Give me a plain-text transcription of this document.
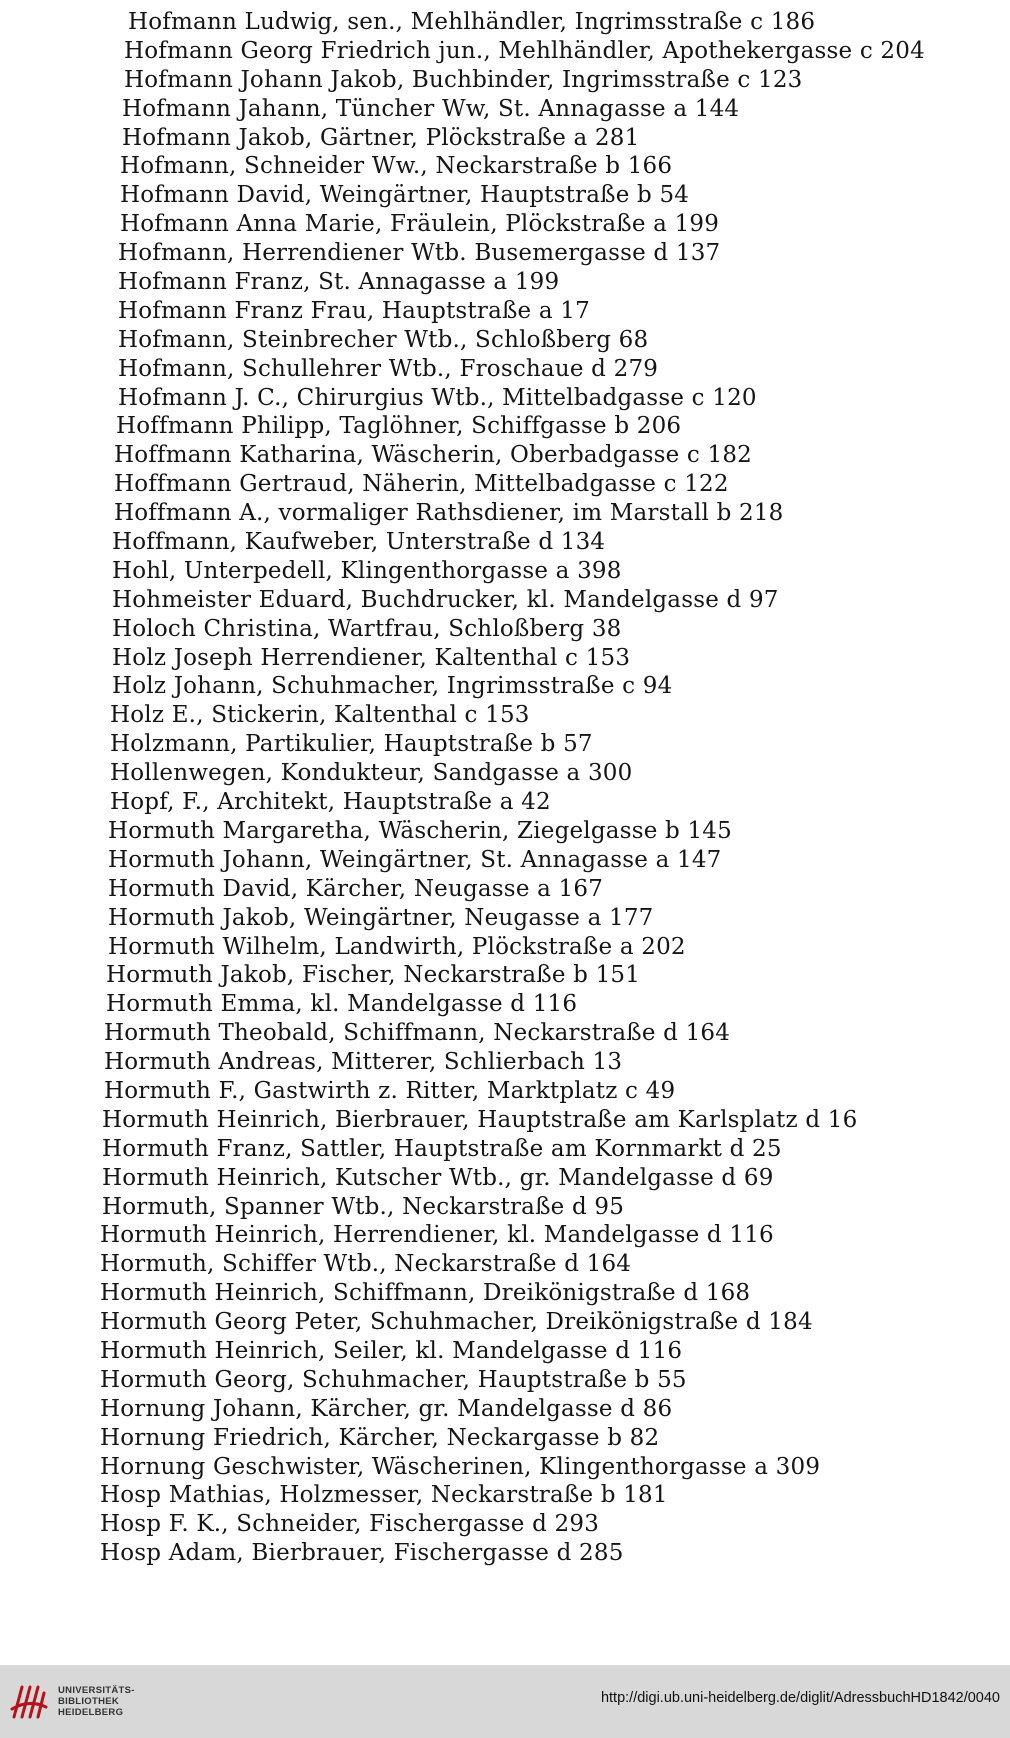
Hofmann Ludwig, sen., Mehlhändler, Ingrimsstraße c 186
Hofmann Georg Friedrich jun., Mehlhändler, Apothekergasse c 204
Hofmann Johann Jakob, Buchbinder, Ingrimsstraße c 123
Hofmann Jahann, Tüncher Ww, St. Annagasse a 144
Hofmann Jakob, Gärtner, Plöckstraße a 281
Hofmann, Schneider Ww., Neckarstraße b 166
Hofmann David, Weingärtner, Hauptstraße b 54
Hofmann Anna Marie, Fräulein, Plöckstraße a 199
Hofmann, Herrendiener Wtb. Busemergasse d 137
Hofmann Franz, St. Annagasse a 199
Hofmann Franz Frau, Hauptstraße a 17
Hofmann, Steinbrecher Wtb., Schloßberg 68
Hofmann, Schullehrer Wtb., Froschaue d 279
Hofmann J. C., Chirurgius Wtb., Mittelbadgasse c 120
Hoffmann Philipp, Taglöhner, Schiffgasse b 206
Hoffmann Katharina, Wäscherin, Oberbadgasse c 182
Hoffmann Gertraud, Näherin, Mittelbadgasse c 122
Hoffmann A., vormaliger Rathsdiener, im Marstall b 218
Hoffmann, Kaufweber, Unterstraße d 134
Hohl, Unterpedell, Klingenthorgasse a 398
Hohmeister Eduard, Buchdrucker, kl. Mandelgasse d 97
Holoch Christina, Wartfrau, Schloßberg 38
Holz Joseph Herrendiener, Kaltenthal c 153
Holz Johann, Schuhmacher, Ingrimsstraße c 94
Holz E., Stickerin, Kaltenthal c 153
Holzmann, Partikulier, Hauptstraße b 57
Hollenwegen, Kondukteur, Sandgasse a 300
Hopf, F., Architekt, Hauptstraße a 42
Hormuth Margaretha, Wäscherin, Ziegelgasse b 145
Hormuth Johann, Weingärtner, St. Annagasse a 147
Hormuth David, Kärcher, Neugasse a 167
Hormuth Jakob, Weingärtner, Neugasse a 177
Hormuth Wilhelm, Landwirth, Plöckstraße a 202
Hormuth Jakob, Fischer, Neckarstraße b 151
Hormuth Emma, kl. Mandelgasse d 116
Hormuth Theobald, Schiffmann, Neckarstraße d 164
Hormuth Andreas, Mitterer, Schlierbach 13
Hormuth F., Gastwirth z. Ritter, Marktplatz c 49
Hormuth Heinrich, Bierbrauer, Hauptstraße am Karlsplatz d 16
Hormuth Franz, Sattler, Hauptstraße am Kornmarkt d 25
Hormuth Heinrich, Kutscher Wtb., gr. Mandelgasse d 69
Hormuth, Spanner Wtb., Neckarstraße d 95
Hormuth Heinrich, Herrendiener, kl. Mandelgasse d 116
Hormuth, Schiffer Wtb., Neckarstraße d 164
Hormuth Heinrich, Schiffmann, Dreikönigstraße d 168
Hormuth Georg Peter, Schuhmacher, Dreikönigstraße d 184
Hormuth Heinrich, Seiler, kl. Mandelgasse d 116
Hormuth Georg, Schuhmacher, Hauptstraße b 55
Hornung Johann, Kärcher, gr. Mandelgasse d 86
Hornung Friedrich, Kärcher, Neckargasse b 82
Hornung Geschwister, Wäscherinen, Klingenthorgasse a 309
Hosp Mathias, Holzmesser, Neckarstraße b 181
Hosp F. K., Schneider, Fischergasse d 293
Hosp Adam, Bierbrauer, Fischergasse d 285
UNIVERSITÄTS-
BIBLIOTHEK
HEIDELBERG
http://digi.ub.uni-heidelberg.de/diglit/AdressbuchHD1842/0040
